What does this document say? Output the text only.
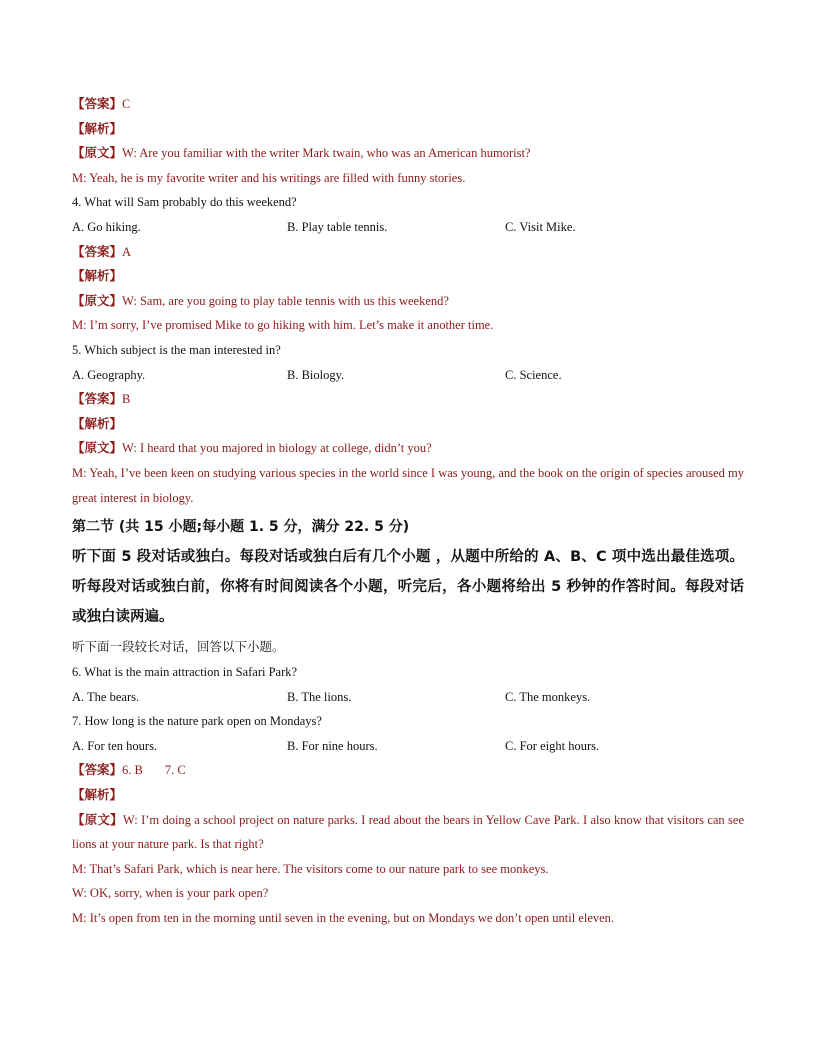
【答案】C
【解析】
【原文】W: Are you familiar with the writer Mark twain, who was an American humorist?
M: Yeah, he is my favorite writer and his writings are filled with funny stories.
4. What will Sam probably do this weekend?
A. Go hiking.	B. Play table tennis.	C. Visit Mike.
【答案】A
【解析】
【原文】W: Sam, are you going to play table tennis with us this weekend?
M: I’m sorry, I’ve promised Mike to go hiking with him. Let’s make it another time.
5. Which subject is the man interested in?
A. Geography.	B. Biology.	C. Science.
【答案】B
【解析】
【原文】W: I heard that you majored in biology at college, didn’t you?
M: Yeah, I’ve been keen on studying various species in the world since I was young, and the book on the origin of species aroused my great interest in biology.
第二节 (共 15 小题;每小题 1. 5 分，满分 22. 5 分)
听下面 5 段对话或独白。每段对话或独白后有几个小题 ，从题中所给的 A、B、C 项中选出最佳选项。听每段对话或独白前，你将有时间阅读各个小题，听完后，各小题将给出 5 秒钟的作答时间。每段对话或独白读两遍。
听下面一段较长对话，回答以下小题。
6. What is the main attraction in Safari Park?
A. The bears.	B. The lions.	C. The monkeys.
7. How long is the nature park open on Mondays?
A. For ten hours.	B. For nine hours.	C. For eight hours.
【答案】6. B 7. C
【解析】
【原文】W: I’m doing a school project on nature parks. I read about the bears in Yellow Cave Park. I also know that visitors can see lions at your nature park. Is that right?
M: That’s Safari Park, which is near here. The visitors come to our nature park to see monkeys.
W: OK, sorry, when is your park open?
M: It’s open from ten in the morning until seven in the evening, but on Mondays we don’t open until eleven.
